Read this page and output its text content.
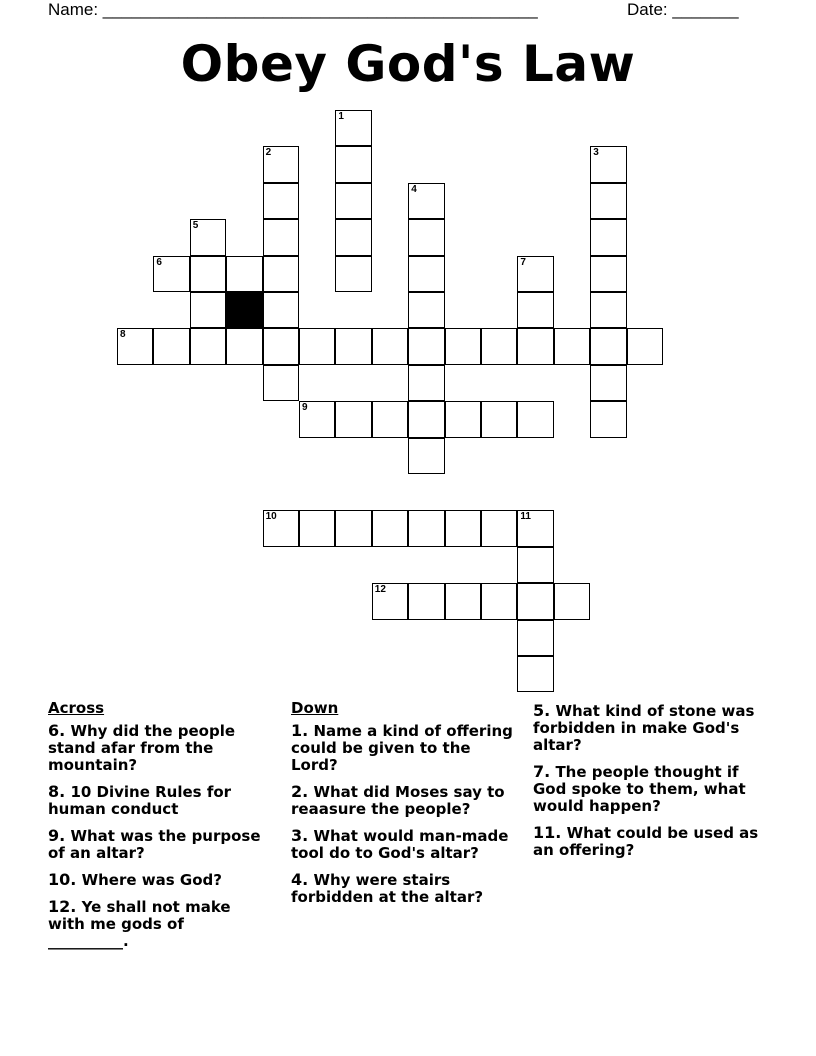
Name: ______________________________________________	Date: _______
Obey God's Law
1
2	3
4
5
6	7
8
9
10	11
12
Across
6. Why did the people stand afar from the mountain?
8. 10 Divine Rules for human conduct
9. What was the purpose of an altar?
10. Where was God?
12. Ye shall not make with me gods of __________.
Down
1. Name a kind of offering could be given to the Lord?
2. What did Moses say to reaasure the people?
3. What would man-made tool do to God's altar?
4. Why were stairs forbidden at the altar?
5. What kind of stone was forbidden in make God's altar?
7. The people thought if God spoke to them, what would happen?
11. What could be used as an offering?
